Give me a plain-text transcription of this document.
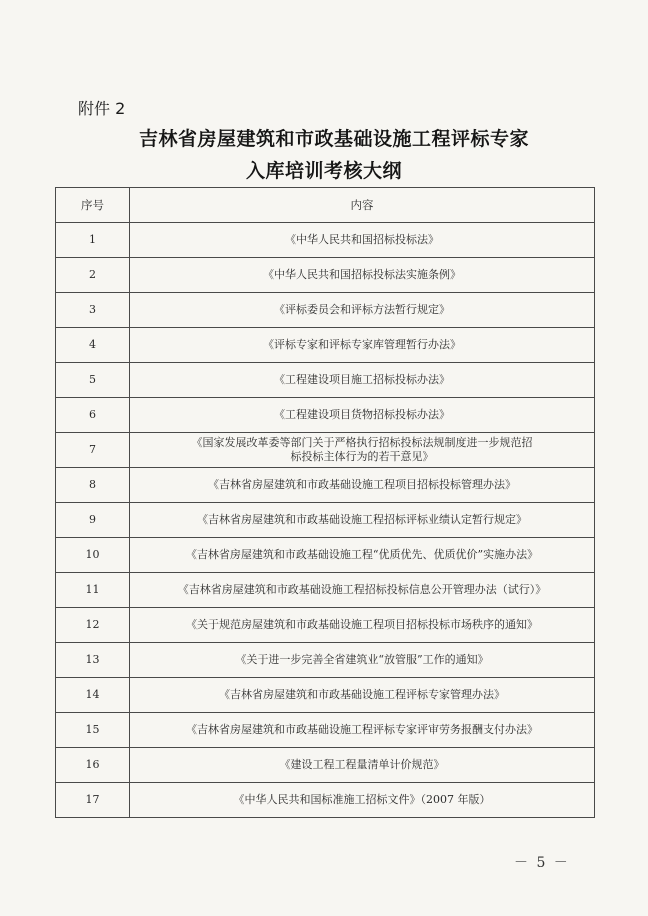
附件 2
吉林省房屋建筑和市政基础设施工程评标专家
入库培训考核大纲
序号	内容
1	《中华人民共和国招标投标法》
2	《中华人民共和国招标投标法实施条例》
3	《评标委员会和评标方法暂行规定》
4	《评标专家和评标专家库管理暂行办法》
5	《工程建设项目施工招标投标办法》
6	《工程建设项目货物招标投标办法》
7	《国家发展改革委等部门关于严格执行招标投标法规制度进一步规范招标投标主体行为的若干意见》
8	《吉林省房屋建筑和市政基础设施工程项目招标投标管理办法》
9	《吉林省房屋建筑和市政基础设施工程招标评标业绩认定暂行规定》
10	《吉林省房屋建筑和市政基础设施工程“优质优先、优质优价”实施办法》
11	《吉林省房屋建筑和市政基础设施工程招标投标信息公开管理办法（试行）》
12	《关于规范房屋建筑和市政基础设施工程项目招标投标市场秩序的通知》
13	《关于进一步完善全省建筑业“放管服”工作的通知》
14	《吉林省房屋建筑和市政基础设施工程评标专家管理办法》
15	《吉林省房屋建筑和市政基础设施工程评标专家评审劳务报酬支付办法》
16	《建设工程工程量清单计价规范》
17	《中华人民共和国标准施工招标文件》（2007 年版）
－ 5 －
